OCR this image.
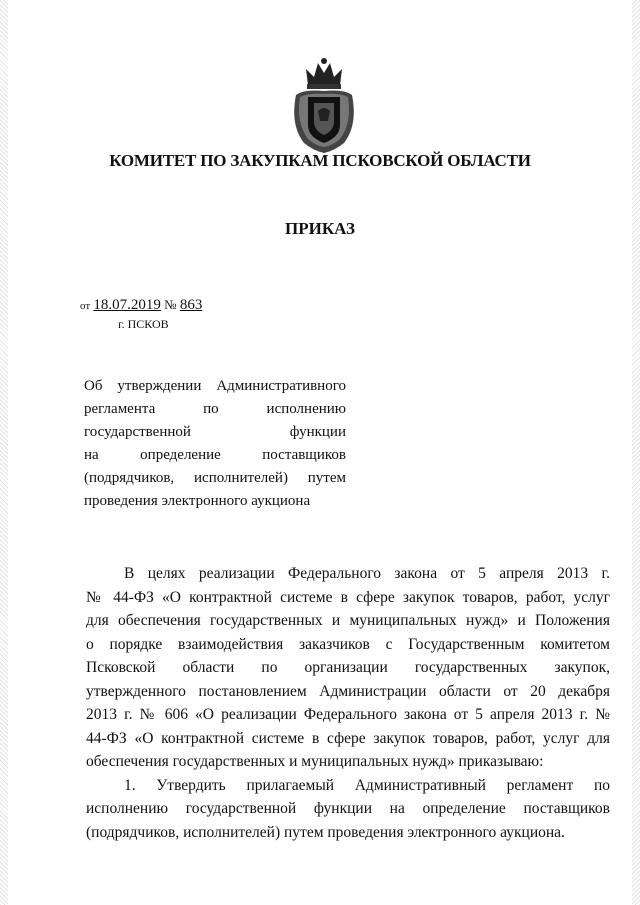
КОМИТЕТ ПО ЗАКУПКАМ ПСКОВСКОЙ ОБЛАСТИ
ПРИКАЗ
от 18.07.2019 № 863
г. ПСКОВ
Об утверждении Административного
регламента по исполнению
государственной функции
на определение поставщиков
(подрядчиков, исполнителей) путем
проведения электронного аукциона
В целях реализации Федерального закона от 5 апреля 2013 г.
№ 44-ФЗ «О контрактной системе в сфере закупок товаров, работ, услуг
для обеспечения государственных и муниципальных нужд» и Положения
о порядке взаимодействия заказчиков с Государственным комитетом
Псковской области по организации государственных закупок,
утвержденного постановлением Администрации области от 20 декабря
2013 г. № 606 «О реализации Федерального закона от 5 апреля 2013 г. №
44-ФЗ «О контрактной системе в сфере закупок товаров, работ, услуг для
обеспечения государственных и муниципальных нужд» приказываю:
1. Утвердить прилагаемый Административный регламент по
исполнению государственной функции на определение поставщиков
(подрядчиков, исполнителей) путем проведения электронного аукциона.
